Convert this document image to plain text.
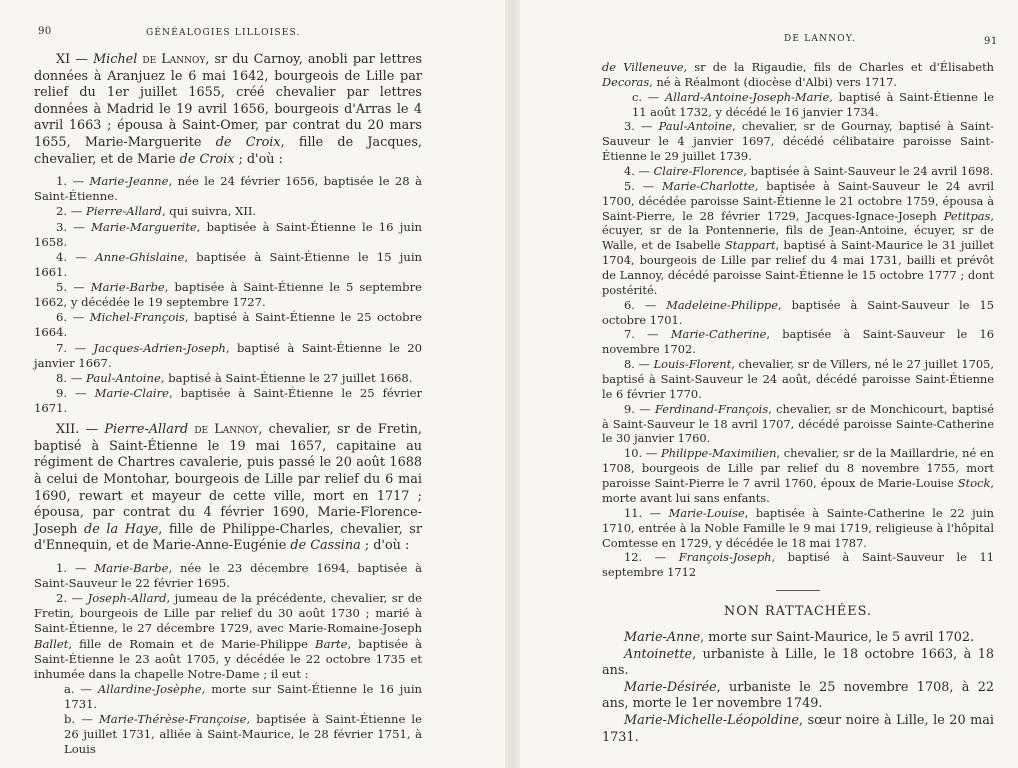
90	GÉNÉALOGIES LILLOISES.

XI — Michel de Lannoy, sr du Carnoy, anobli par lettres données à Aranjuez le 6 mai 1642, bourgeois de Lille par relief du 1er juillet 1655, créé chevalier par lettres données à Madrid le 19 avril 1656, bourgeois d'Arras le 4 avril 1663 ; épousa à Saint-Omer, par contrat du 20 mars 1655, Marie-Marguerite de Croix, fille de Jacques, chevalier, et de Marie de Croix ; d'où :

1. — Marie-Jeanne, née le 24 février 1656, baptisée le 28 à Saint-Étienne.

2. — Pierre-Allard, qui suivra, XII.

3. — Marie-Marguerite, baptisée à Saint-Étienne le 16 juin 1658.

4. — Anne-Ghislaine, baptisée à Saint-Étienne le 15 juin 1661.

5. — Marie-Barbe, baptisée à Saint-Étienne le 5 septembre 1662, y décédée le 19 septembre 1727.

6. — Michel-François, baptisé à Saint-Étienne le 25 octobre 1664.

7. — Jacques-Adrien-Joseph, baptisé à Saint-Étienne le 20 janvier 1667.

8. — Paul-Antoine, baptisé à Saint-Étienne le 27 juillet 1668.

9. — Marie-Claire, baptisée à Saint-Étienne le 25 février 1671.

XII. — Pierre-Allard de Lannoy, chevalier, sr de Fretin, baptisé à Saint-Étienne le 19 mai 1657, capitaine au régiment de Chartres cavalerie, puis passé le 20 août 1688 à celui de Montohar, bourgeois de Lille par relief du 6 mai 1690, rewart et mayeur de cette ville, mort en 1717 ; épousa, par contrat du 4 février 1690, Marie-Florence-Joseph de la Haye, fille de Philippe-Charles, chevalier, sr d'Ennequin, et de Marie-Anne-Eugénie de Cassina ; d'où :

1. — Marie-Barbe, née le 23 décembre 1694, baptisée à Saint-Sauveur le 22 février 1695.

2. — Joseph-Allard, jumeau de la précédente, chevalier, sr de Fretin, bourgeois de Lille par relief du 30 août 1730 ; marié à Saint-Étienne, le 27 décembre 1729, avec Marie-Romaine-Joseph Ballet, fille de Romain et de Marie-Philippe Barte, baptisée à Saint-Étienne le 23 août 1705, y décédée le 22 octobre 1735 et inhumée dans la chapelle Notre-Dame ; il eut :

a. — Allardine-Josèphe, morte sur Saint-Étienne le 16 juin 1731.

b. — Marie-Thérèse-Françoise, baptisée à Saint-Étienne le 26 juillet 1731, alliée à Saint-Maurice, le 28 février 1751, à Louis

DE LANNOY.	91

de Villeneuve, sr de la Rigaudie, fils de Charles et d'Élisabeth Decoras, né à Réalmont (diocèse d'Albi) vers 1717.

c. — Allard-Antoine-Joseph-Marie, baptisé à Saint-Étienne le 11 août 1732, y décédé le 16 janvier 1734.

3. — Paul-Antoine, chevalier, sr de Gournay, baptisé à Saint-Sauveur le 4 janvier 1697, décédé célibataire paroisse Saint-Étienne le 29 juillet 1739.

4. — Claire-Florence, baptisée à Saint-Sauveur le 24 avril 1698.

5. — Marie-Charlotte, baptisée à Saint-Sauveur le 24 avril 1700, décédée paroisse Saint-Étienne le 21 octobre 1759, épousa à Saint-Pierre, le 28 février 1729, Jacques-Ignace-Joseph Petitpas, écuyer, sr de la Pontennerie, fils de Jean-Antoine, écuyer, sr de Walle, et de Isabelle Stappart, baptisé à Saint-Maurice le 31 juillet 1704, bourgeois de Lille par relief du 4 mai 1731, bailli et prévôt de Lannoy, décédé paroisse Saint-Étienne le 15 octobre 1777 ; dont postérité.

6. — Madeleine-Philippe, baptisée à Saint-Sauveur le 15 octobre 1701.

7. — Marie-Catherine, baptisée à Saint-Sauveur le 16 novembre 1702.

8. — Louis-Florent, chevalier, sr de Villers, né le 27 juillet 1705, baptisé à Saint-Sauveur le 24 août, décédé paroisse Saint-Étienne le 6 février 1770.

9. — Ferdinand-François, chevalier, sr de Monchicourt, baptisé à Saint-Sauveur le 18 avril 1707, décédé paroisse Sainte-Catherine le 30 janvier 1760.

10. — Philippe-Maximilien, chevalier, sr de la Maillardrie, né en 1708, bourgeois de Lille par relief du 8 novembre 1755, mort paroisse Saint-Pierre le 7 avril 1760, époux de Marie-Louise Stock, morte avant lui sans enfants.

11. — Marie-Louise, baptisée à Sainte-Catherine le 22 juin 1710, entrée à la Noble Famille le 9 mai 1719, religieuse à l'hôpital Comtesse en 1729, y décédée le 18 mai 1787.

12. — François-Joseph, baptisé à Saint-Sauveur le 11 septembre 1712

NON RATTACHÉES.

Marie-Anne, morte sur Saint-Maurice, le 5 avril 1702.

Antoinette, urbaniste à Lille, le 18 octobre 1663, à 18 ans.

Marie-Désirée, urbaniste le 25 novembre 1708, à 22 ans, morte le 1er novembre 1749.

Marie-Michelle-Léopoldine, sœur noire à Lille, le 20 mai 1731.
